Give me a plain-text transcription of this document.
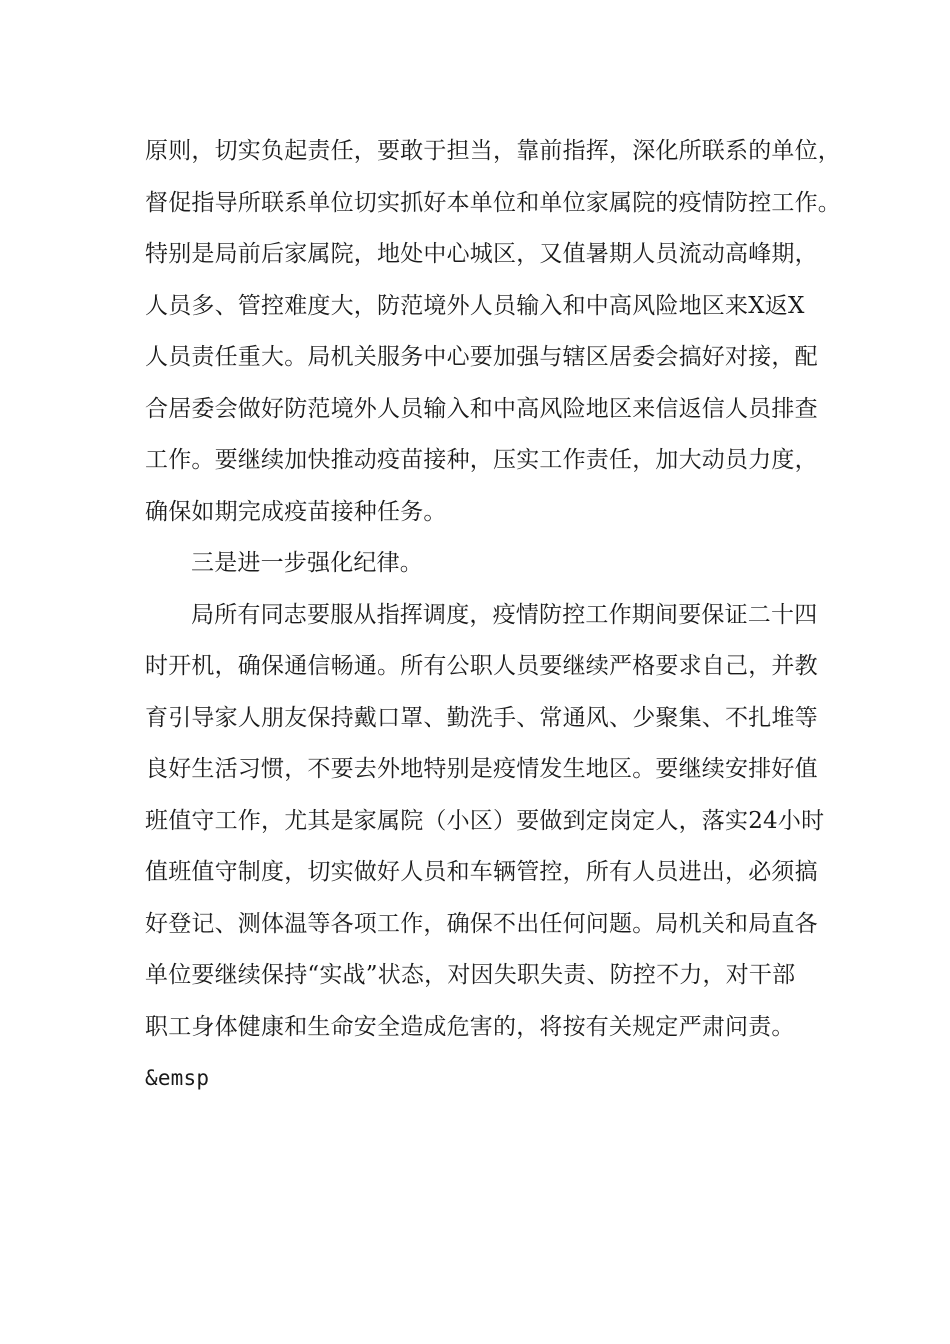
原则，切实负起责任，要敢于担当，靠前指挥，深化所联系的单位，
督促指导所联系单位切实抓好本单位和单位家属院的疫情防控工作。
特别是局前后家属院，地处中心城区，又值暑期人员流动高峰期，
人员多、管控难度大，防范境外人员输入和中高风险地区来X返X
人员责任重大。局机关服务中心要加强与辖区居委会搞好对接，配
合居委会做好防范境外人员输入和中高风险地区来信返信人员排查
工作。要继续加快推动疫苗接种，压实工作责任，加大动员力度，
确保如期完成疫苗接种任务。
三是进一步强化纪律。
局所有同志要服从指挥调度，疫情防控工作期间要保证二十四
时开机，确保通信畅通。所有公职人员要继续严格要求自己，并教
育引导家人朋友保持戴口罩、勤洗手、常通风、少聚集、不扎堆等
良好生活习惯，不要去外地特别是疫情发生地区。要继续安排好值
班值守工作，尤其是家属院（小区）要做到定岗定人，落实24小时
值班值守制度，切实做好人员和车辆管控，所有人员进出，必须搞
好登记、测体温等各项工作，确保不出任何问题。局机关和局直各
单位要继续保持“实战”状态，对因失职失责、防控不力，对干部
职工身体健康和生命安全造成危害的，将按有关规定严肃问责。
&emsp
